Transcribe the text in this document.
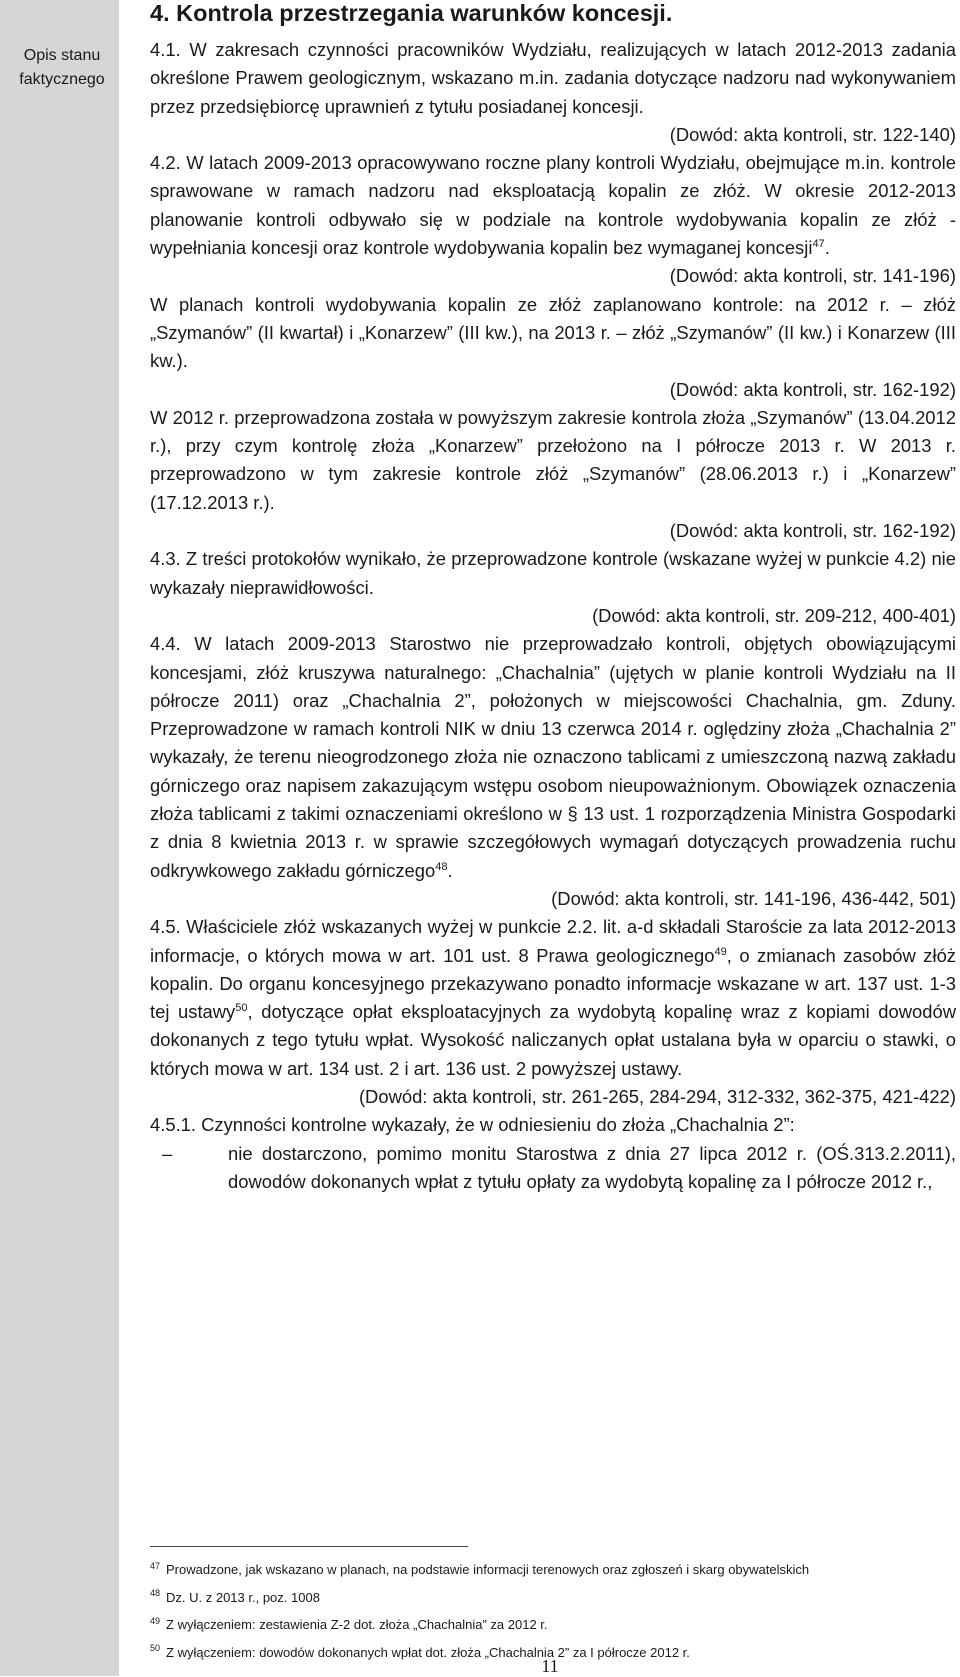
Opis stanu faktycznego
4. Kontrola przestrzegania warunków koncesji.

4.1. W zakresach czynności pracowników Wydziału, realizujących w latach 2012-2013 zadania określone Prawem geologicznym, wskazano m.in. zadania dotyczące nadzoru nad wykonywaniem przez przedsiębiorcę uprawnień z tytułu posiadanej koncesji.

(Dowód: akta kontroli, str. 122-140)

4.2. W latach 2009-2013 opracowywano roczne plany kontroli Wydziału, obejmujące m.in. kontrole sprawowane w ramach nadzoru nad eksploatacją kopalin ze złóż. W okresie 2012-2013 planowanie kontroli odbywało się w podziale na kontrole wydobywania kopalin ze złóż - wypełniania koncesji oraz kontrole wydobywania kopalin bez wymaganej koncesji$^{47}$.

(Dowód: akta kontroli, str. 141-196)

W planach kontroli wydobywania kopalin ze złóż zaplanowano kontrole: na 2012 r. – złóż „Szymanów” (II kwartał) i „Konarzew” (III kw.), na 2013 r. – złóż „Szymanów” (II kw.) i Konarzew (III kw.).

(Dowód: akta kontroli, str. 162-192)

W 2012 r. przeprowadzona została w powyższym zakresie kontrola złoża „Szymanów” (13.04.2012 r.), przy czym kontrolę złoża „Konarzew” przełożono na I półrocze 2013 r. W 2013 r. przeprowadzono w tym zakresie kontrole złóż „Szymanów” (28.06.2013 r.) i „Konarzew” (17.12.2013 r.).

(Dowód: akta kontroli, str. 162-192)

4.3. Z treści protokołów wynikało, że przeprowadzone kontrole (wskazane wyżej w punkcie 4.2) nie wykazały nieprawidłowości.

(Dowód: akta kontroli, str. 209-212, 400-401)

4.4. W latach 2009-2013 Starostwo nie przeprowadzało kontroli, objętych obowiązującymi koncesjami, złóż kruszywa naturalnego: „Chachalnia” (ujętych w planie kontroli Wydziału na II półrocze 2011) oraz „Chachalnia 2”, położonych w miejscowości Chachalnia, gm. Zduny. Przeprowadzone w ramach kontroli NIK w dniu 13 czerwca 2014 r. oględziny złoża „Chachalnia 2” wykazały, że terenu nieogrodzonego złoża nie oznaczono tablicami z umieszczoną nazwą zakładu górniczego oraz napisem zakazującym wstępu osobom nieupoważnionym. Obowiązek oznaczenia złoża tablicami z takimi oznaczeniami określono w § 13 ust. 1 rozporządzenia Ministra Gospodarki z dnia 8 kwietnia 2013 r. w sprawie szczegółowych wymagań dotyczących prowadzenia ruchu odkrywkowego zakładu górniczego$^{48}$.

(Dowód: akta kontroli, str. 141-196, 436-442, 501)

4.5. Właściciele złóż wskazanych wyżej w punkcie 2.2. lit. a-d składali Staroście za lata 2012-2013 informacje, o których mowa w art. 101 ust. 8 Prawa geologicznego$^{49}$, o zmianach zasobów złóż kopalin. Do organu koncesyjnego przekazywano ponadto informacje wskazane w art. 137 ust. 1-3 tej ustawy$^{50}$, dotyczące opłat eksploatacyjnych za wydobytą kopalinę wraz z kopiami dowodów dokonanych z tego tytułu wpłat. Wysokość naliczanych opłat ustalana była w oparciu o stawki, o których mowa w art. 134 ust. 2 i art. 136 ust. 2 powyższej ustawy.

(Dowód: akta kontroli, str. 261-265, 284-294, 312-332, 362-375, 421-422)

4.5.1. Czynności kontrolne wykazały, że w odniesieniu do złoża „Chachalnia 2”:

–	nie dostarczono, pomimo monitu Starostwa z dnia 27 lipca 2012 r. (OŚ.313.2.2011), dowodów dokonanych wpłat z tytułu opłaty za wydobytą kopalinę za I półrocze 2012 r.,
$^{47}$ Prowadzone, jak wskazano w planach, na podstawie informacji terenowych oraz zgłoszeń i skarg obywatelskich
$^{48}$ Dz. U. z 2013 r., poz. 1008
$^{49}$ Z wyłączeniem: zestawienia Z-2 dot. złoża „Chachalnia” za 2012 r.
$^{50}$ Z wyłączeniem: dowodów dokonanych wpłat dot. złoża „Chachalnia 2” za I półrocze 2012 r.
11
